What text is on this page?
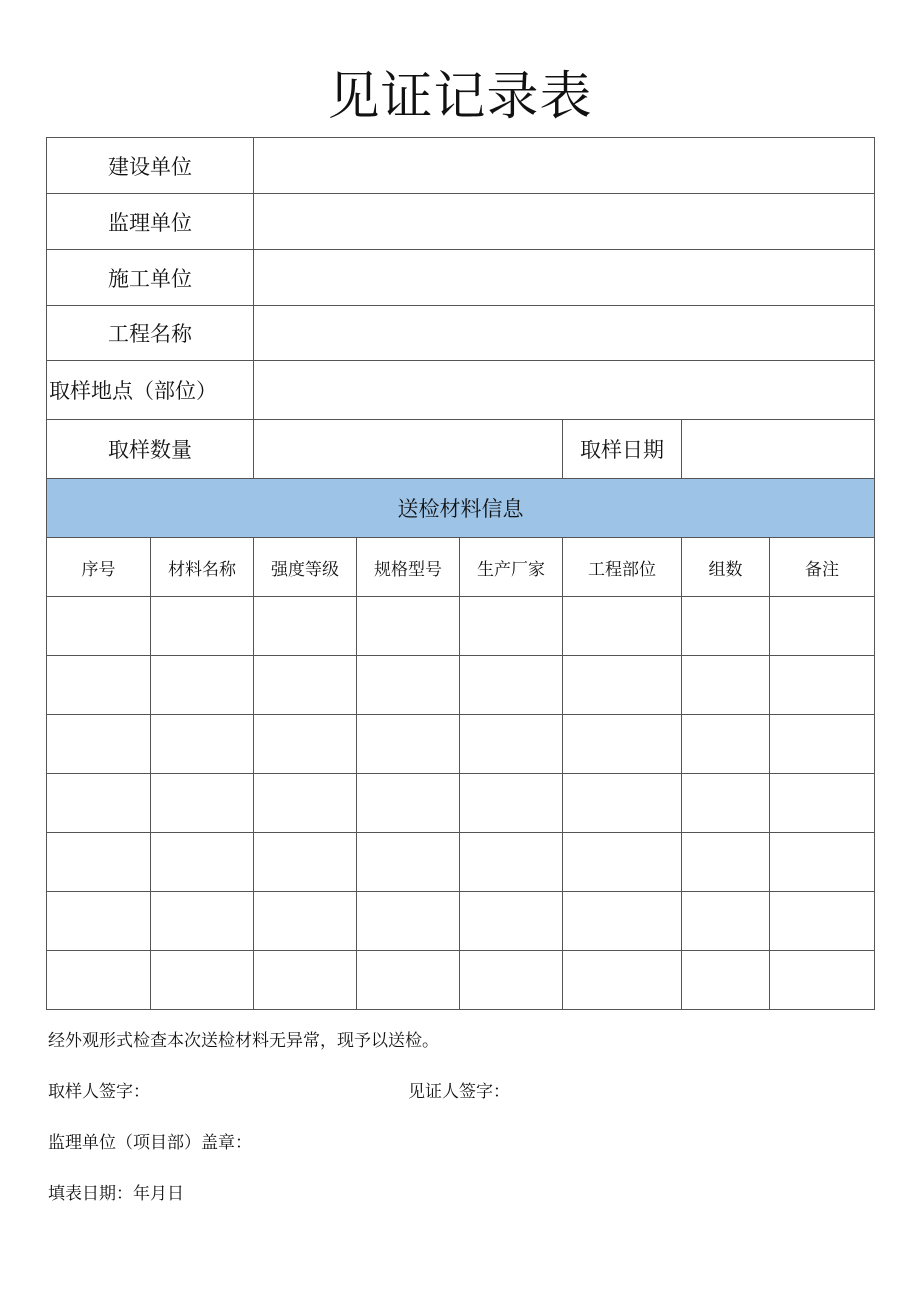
见证记录表
建设单位							
监理单位							
施工单位							
工程名称							
取样地点（部位）							
取样数量					取样日期		
送检材料信息							
序号	材料名称	强度等级	规格型号	生产厂家	工程部位	组数	备注

经外观形式检查本次送检材料无异常，现予以送检。
取样人签字：	见证人签字：
监理单位（项目部）盖章：
填表日期：年月日
